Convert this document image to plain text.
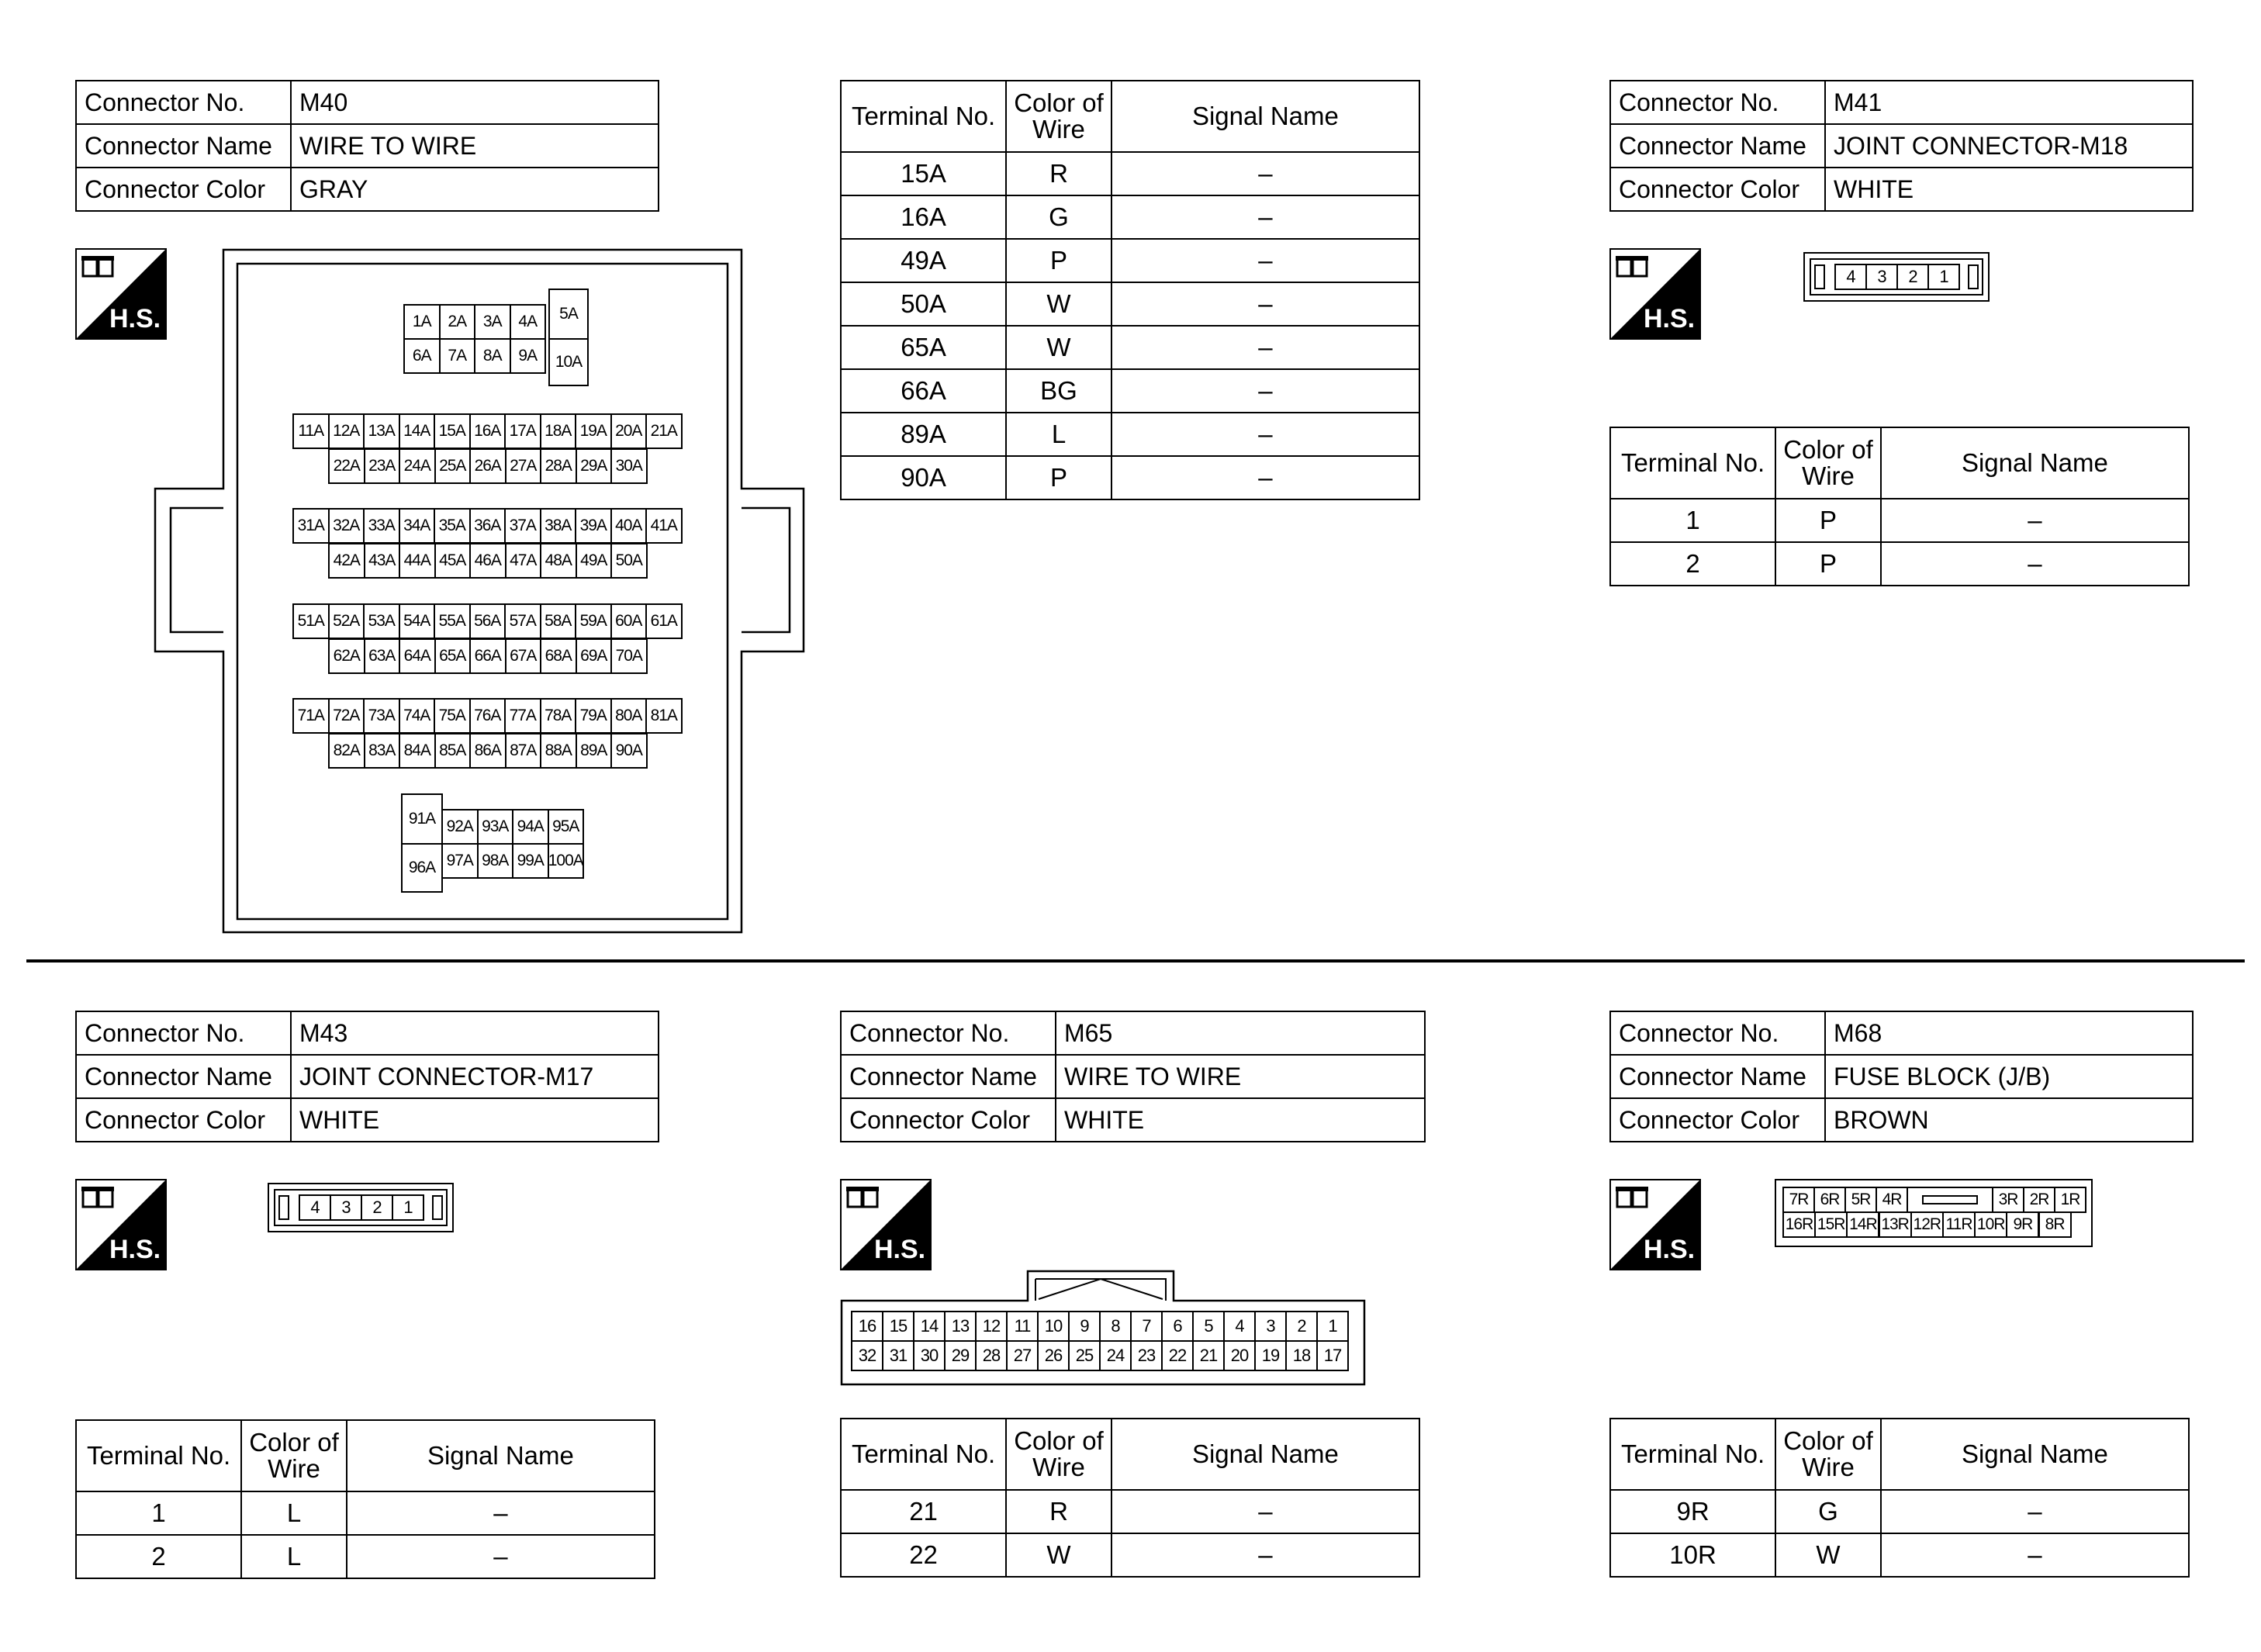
Connector No.	M40
Connector Name	WIRE TO WIRE
Connector Color	GRAY
H.S.	1A	2A	3A	4A
6A	7A	8A	9A
5A
10A
11A 12A 13A 14A 15A 16A 17A 18A 19A 20A 21A
22A 23A 24A 25A 26A 27A 28A 29A 30A
31A 32A 33A 34A 35A 36A 37A 38A 39A 40A 41A
42A 43A 44A 45A 46A 47A 48A 49A 50A
51A 52A 53A 54A 55A 56A 57A 58A 59A 60A 61A
62A 63A 64A 65A 66A 67A 68A 69A 70A
71A 72A 73A 74A 75A 76A 77A 78A 79A 80A 81A
82A 83A 84A 85A 86A 87A 88A 89A 90A
91A
96A
92A 93A 94A 95A
97A 98A 99A 100A
Terminal No.	Color of
Wire	Signal Name
15A	R	–
16A	G	–
49A	P	–
50A	W	–
65A	W	–
66A	BG	–
89A	L	–
90A	P	–
Connector No.	M41
Connector Name	JOINT CONNECTOR-M18
Connector Color	WHITE
H.S.
4	3	2	1
Terminal No.	Color of
Wire	Signal Name
1	P	–
2	P	–
Connector No.	M43
Connector Name	JOINT CONNECTOR-M17
Connector Color	WHITE
H.S.
4	3	2	1
Terminal No.	Color of
Wire	Signal Name
1	L	–
2	L	–
Connector No.	M65
Connector Name	WIRE TO WIRE
Connector Color	WHITE
H.S.
16 15 14 13 12 11 10	9	8	7	6	5	4	3	2	1
32 31 30 29 28 27 26 25 24 23 22 21 20 19 18 17
Terminal No.	Color of
Wire	Signal Name
21	R	–
22	W	–
Connector No.	M68
Connector Name	FUSE BLOCK (J/B)
Connector Color	BROWN
H.S.
7R 6R 5R 4R	3R 2R 1R
16R 15R 14R 13R 12R 11R 10R 9R 8R
Terminal No.	Color of
Wire	Signal Name
9R	G	–
10R	W	–
